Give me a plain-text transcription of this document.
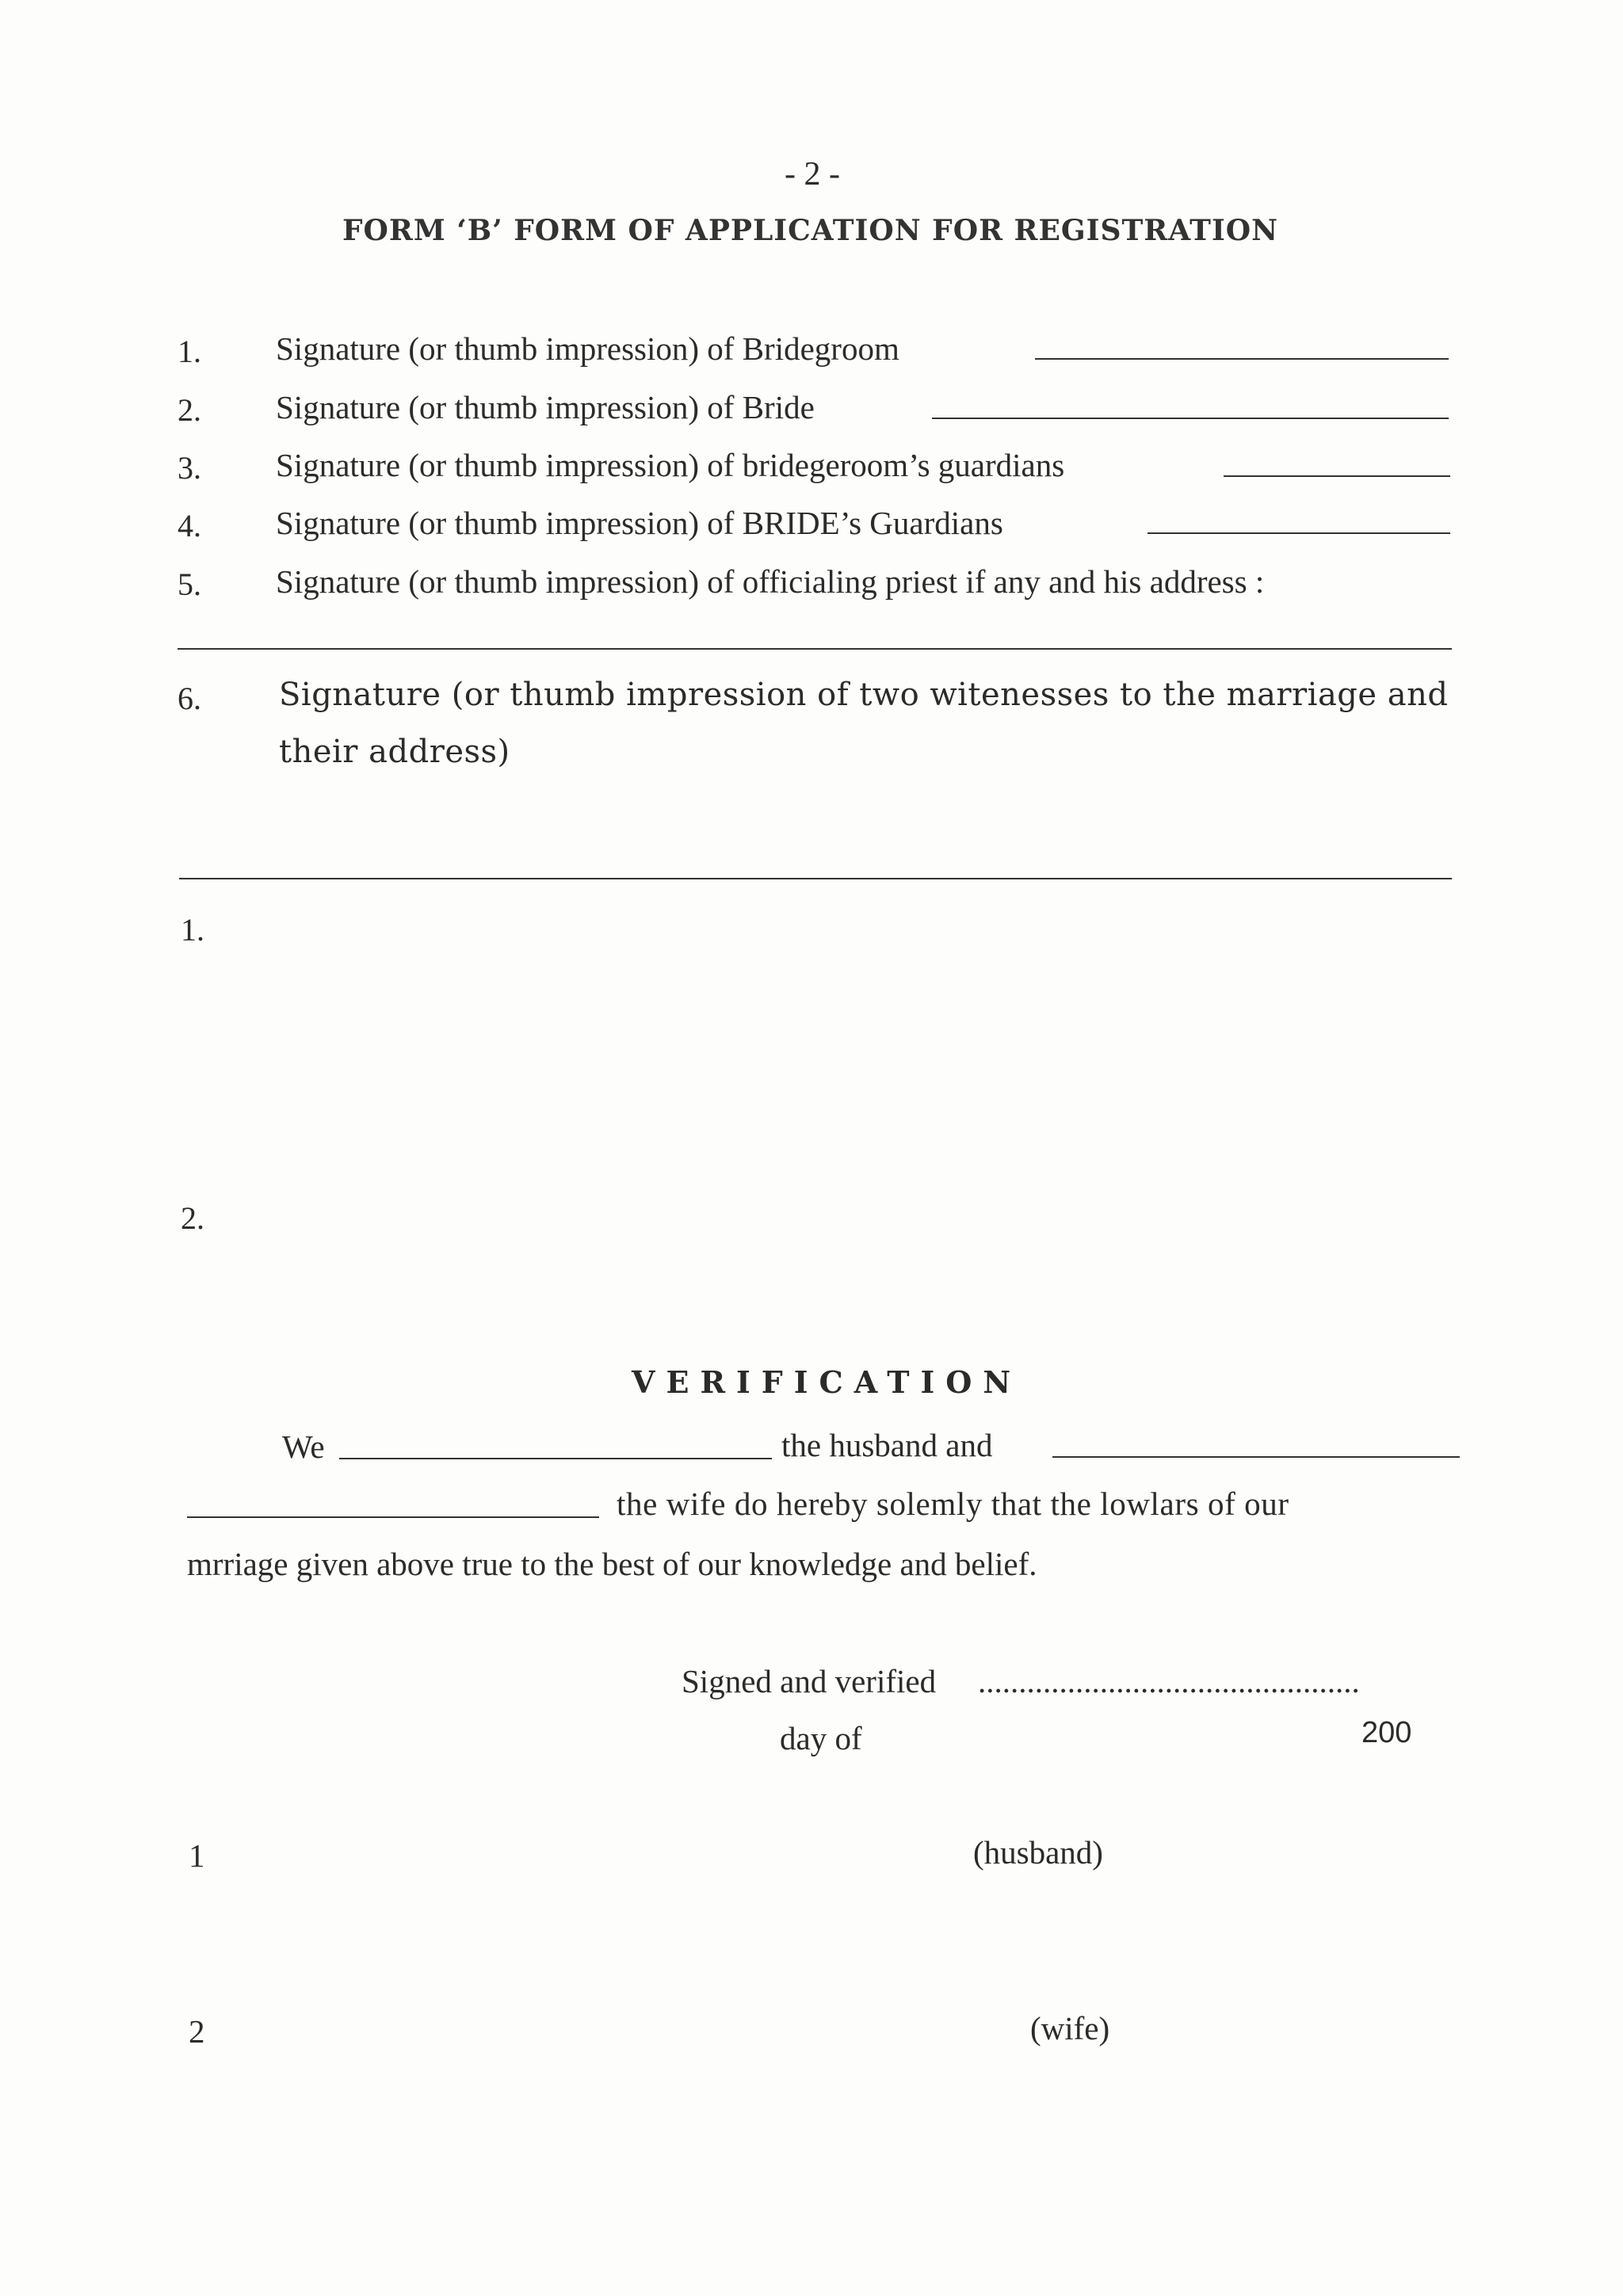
- 2 -
FORM ‘B’ FORM OF APPLICATION FOR REGISTRATION
1. Signature (or thumb impression) of Bridegroom
2. Signature (or thumb impression) of Bride
3. Signature (or thumb impression) of bridegeroom’s guardians
4. Signature (or thumb impression) of BRIDE’s Guardians
5. Signature (or thumb impression) of officialing priest if any and his address :
6. Signature (or thumb impression of two witenesses to the marriage and
their address)
1.
2.
VERIFICATION
We	the husband and
the wife do hereby solemly that the lowlars of our
mrriage given above true to the best of our knowledge and belief.
Signed and verified ...............................................
day of	200
1	(husband)
2	(wife)
